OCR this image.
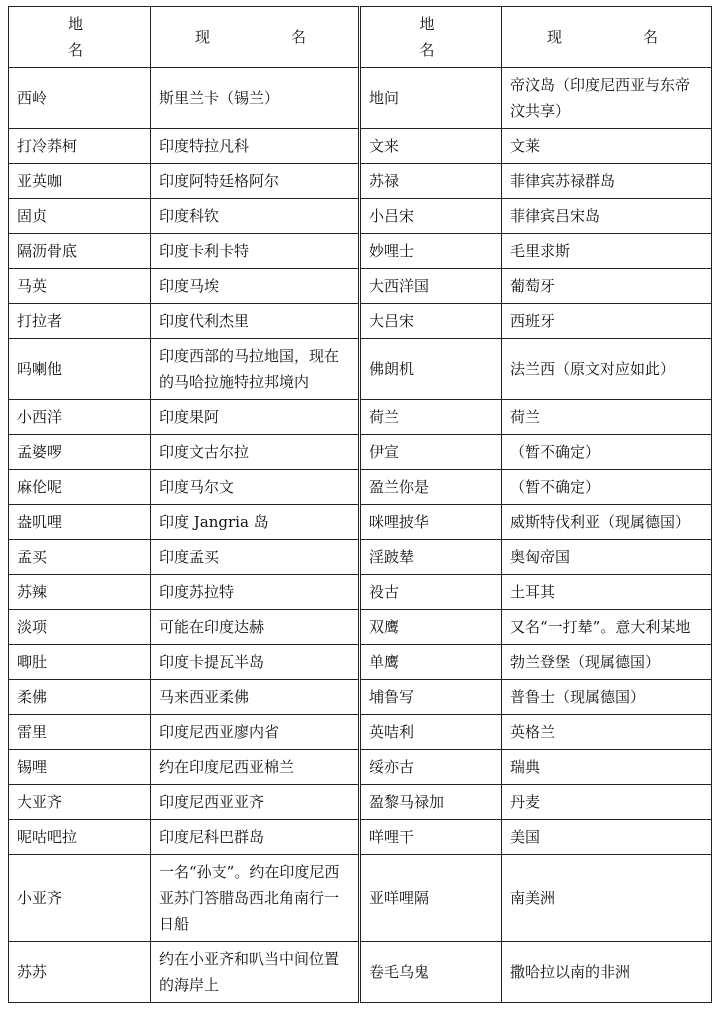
地　名	现　名	地　名	现　名
西岭	斯里兰卡（锡兰）	地问	帝汶岛（印度尼西亚与东帝汶共享）
打冷莽柯	印度特拉凡科	文来	文莱
亚英咖	印度阿特廷格阿尔	苏禄	菲律宾苏禄群岛
固贞	印度科钦	小吕宋	菲律宾吕宋岛
隔沥骨底	印度卡利卡特	妙哩士	毛里求斯
马英	印度马埃	大西洋国	葡萄牙
打拉者	印度代利杰里	大吕宋	西班牙
吗喇他	印度西部的马拉地国，现在的马哈拉施特拉邦境内	佛朗机	法兰西（原文对应如此）
小西洋	印度果阿	荷兰	荷兰
孟婆啰	印度文古尔拉	伊宣	（暂不确定）
麻伦呢	印度马尔文	盈兰你是	（暂不确定）
盎叽哩	印度 Jangria 岛	咪哩披华	威斯特伐利亚（现属德国）
孟买	印度孟买	淫跛辇	奥匈帝国
苏辣	印度苏拉特	祋古	土耳其
淡项	可能在印度达赫	双鹰	又名“一打辇”。意大利某地
唧肚	印度卡提瓦半岛	单鹰	勃兰登堡（现属德国）
柔佛	马来西亚柔佛	埔鲁写	普鲁士（现属德国）
雷里	印度尼西亚廖内省	英咭利	英格兰
锡哩	约在印度尼西亚棉兰	绥亦古	瑞典
大亚齐	印度尼西亚亚齐	盈黎马禄加	丹麦
呢咕吧拉	印度尼科巴群岛	咩哩干	美国
小亚齐	一名“孙支”。约在印度尼西亚苏门答腊岛西北角南行一日船	亚咩哩隔	南美洲
苏苏	约在小亚齐和叭当中间位置的海岸上	卷毛乌鬼	撒哈拉以南的非洲
